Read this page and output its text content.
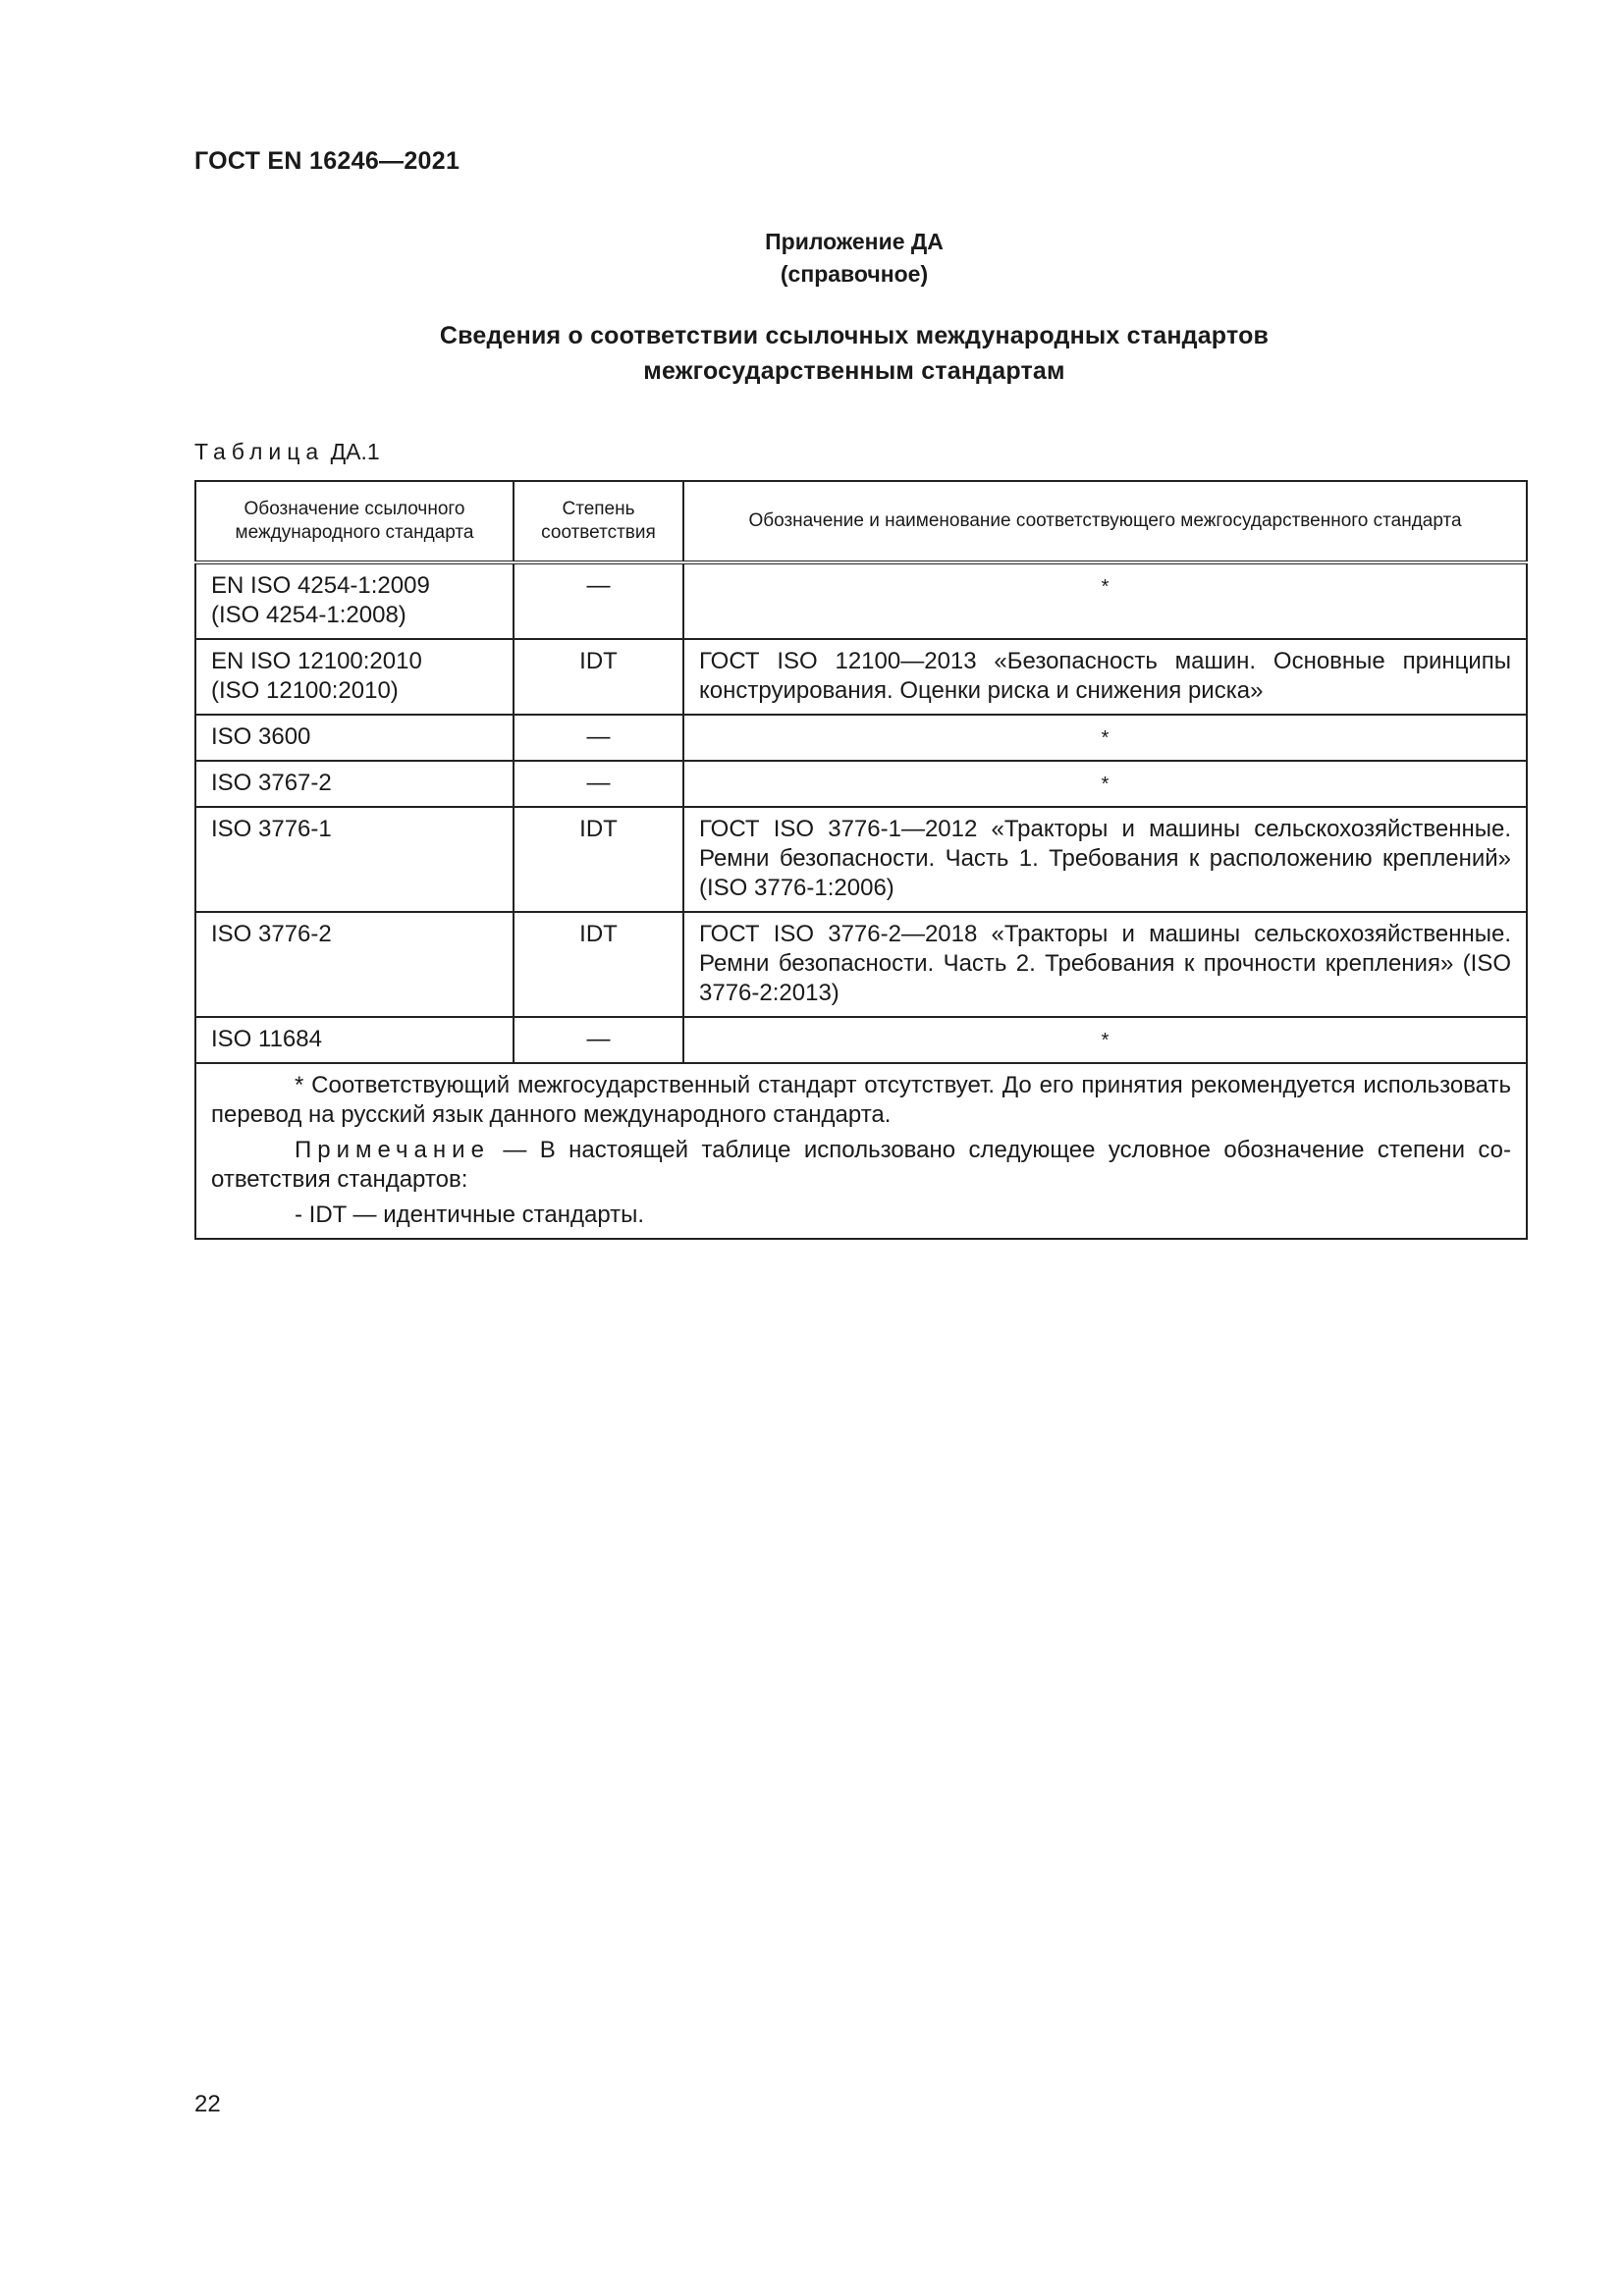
ГОСТ EN 16246—2021
Приложение ДА
(справочное)
Сведения о соответствии ссылочных международных стандартов
межгосударственным стандартам
Таблица ДА.1
Обозначение ссылочного международного стандарта	Степень соответствия	Обозначение и наименование соответствующего межгосударственного стандарта

EN ISO 4254-1:2009
(ISO 4254-1:2008)	—	*

EN ISO 12100:2010
(ISO 12100:2010)	IDT	ГОСТ ISO 12100—2013 «Безопасность машин. Основные принципы конструирования. Оценки риска и снижения риска»

ISO 3600	—	*

ISO 3767-2	—	*

ISO 3776-1	IDT	ГОСТ ISO 3776-1—2012 «Тракторы и машины сельскохозяйственные. Ремни безопасности. Часть 1. Требования к расположению креплений» (ISO 3776-1:2006)

ISO 3776-2	IDT	ГОСТ ISO 3776-2—2018 «Тракторы и машины сельскохозяйственные. Ремни безопасности. Часть 2. Требования к прочности крепления» (ISO 3776-2:2013)

ISO 11684	—	*

* Соответствующий межгосударственный стандарт отсутствует. До его принятия рекомендуется использовать перевод на русский язык данного международного стандарта.

Примечание — В настоящей таблице использовано следующее условное обозначение степени соответствия стандартов:

- IDT — идентичные стандарты.		

22
